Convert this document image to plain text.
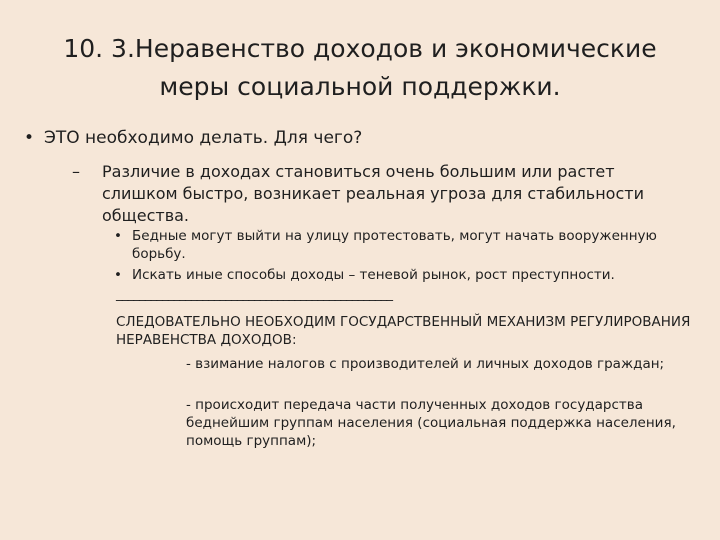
10. 3.Неравенство доходов и экономические
меры социальной поддержки.
• ЭТО необходимо делать. Для чего?
– Различие в доходах становиться очень большим или растет слишком быстро, возникает реальная угроза для стабильности общества.
• Бедные могут выйти на улицу протестовать, могут начать вооруженную борьбу.
• Искать иные способы доходы – теневой рынок, рост преступности.
________________________________________________
СЛЕДОВАТЕЛЬНО НЕОБХОДИМ ГОСУДАРСТВЕННЫЙ МЕХАНИЗМ РЕГУЛИРОВАНИЯ НЕРАВЕНСТВА ДОХОДОВ:
- взимание налогов с производителей и личных доходов граждан;
- происходит передача части полученных доходов государства беднейшим группам населения (социальная поддержка населения, помощь группам);
